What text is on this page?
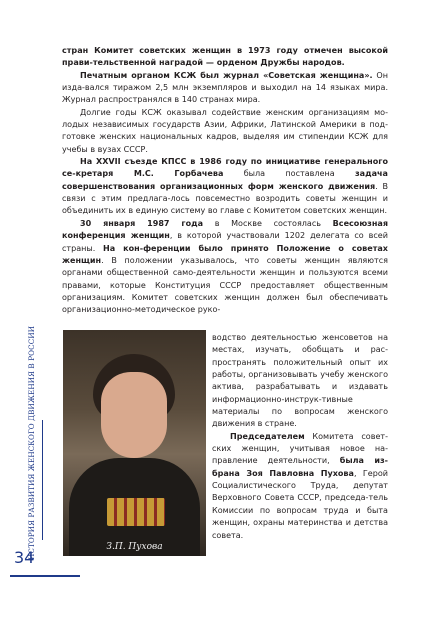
ИСТОРИЯ РАЗВИТИЯ ЖЕНСКОГО ДВИЖЕНИЯ В РОССИИ
34

стран Комитет советских женщин в 1973 году отмечен высокой прави-тельственной наградой — орденом Дружбы народов.

Печатным органом КСЖ был журнал «Советская женщина». Он изда-вался тиражом 2,5 млн экземпляров и выходил на 14 языках мира. Журнал распространялся в 140 странах мира.

Долгие годы КСЖ оказывал содействие женским организациям мо-лодых независимых государств Азии, Африки, Латинской Америки в под-готовке женских национальных кадров, выделяя им стипендии КСЖ для учебы в вузах СССР.

На XXVII съезде КПСС в 1986 году по инициативе генерального се-кретаря М.С. Горбачева была поставлена задача совершенствования организационных форм женского движения. В связи с этим предлага-лось повсеместно возродить советы женщин и объединить их в единую систему во главе с Комитетом советских женщин.

30 января 1987 года в Москве состоялась Всесоюзная конференция женщин, в которой участвовали 1202 делегата со всей страны. На кон-ференции было принято Положение о советах женщин. В положении указывалось, что советы женщин являются органами общественной само-деятельности женщин и пользуются всеми правами, которые Конституция СССР предоставляет общественным организациям. Комитет советских женщин должен был обеспечивать организационно-методическое руко-

З.П. Пухова

водство деятельностью женсоветов на местах, изучать, обобщать и рас-пространять положительный опыт их работы, организовывать учебу женского актива, разрабатывать и издавать информационно-инструк-тивные материалы по вопросам женского движения в стране.

Председателем Комитета совет-ских женщин, учитывая новое на-правление деятельности, была из-брана Зоя Павловна Пухова, Герой Социалистического Труда, депутат Верховного Совета СССР, председа-тель Комиссии по вопросам труда и быта женщин, охраны материнства и детства совета.
